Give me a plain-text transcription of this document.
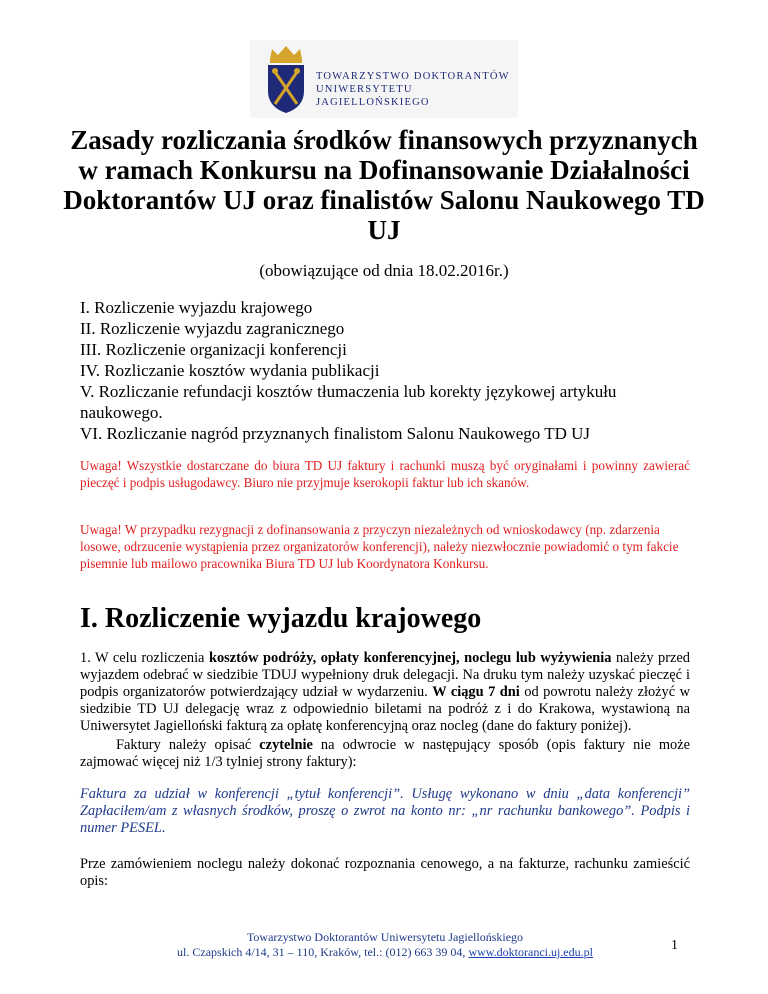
TOWARZYSTWO DOKTORANTÓW
UNIWERSYTETU JAGIELLOŃSKIEGO
Zasady rozliczania środków finansowych przyznanych w ramach Konkursu na Dofinansowanie Działalności Doktorantów UJ oraz finalistów Salonu Naukowego TD UJ

(obowiązujące od dnia 18.02.2016r.)

I. Rozliczenie wyjazdu krajowego
II. Rozliczenie wyjazdu zagranicznego
III. Rozliczenie organizacji konferencji
IV. Rozliczanie kosztów wydania publikacji
V. Rozliczanie refundacji kosztów tłumaczenia lub korekty językowej artykułu naukowego.
VI. Rozliczanie nagród przyznanych finalistom Salonu Naukowego TD UJ

Uwaga! Wszystkie dostarczane do biura TD UJ faktury i rachunki muszą być oryginałami i powinny zawierać pieczęć i podpis usługodawcy. Biuro nie przyjmuje kserokopii faktur lub ich skanów.

Uwaga! W przypadku rezygnacji z dofinansowania z przyczyn niezależnych od wnioskodawcy (np. zdarzenia losowe, odrzucenie wystąpienia przez organizatorów konferencji), należy niezwłocznie powiadomić o tym fakcie pisemnie lub mailowo pracownika Biura TD UJ lub Koordynatora Konkursu.

I. Rozliczenie wyjazdu krajowego

1. W celu rozliczenia kosztów podróży, opłaty konferencyjnej, noclegu lub wyżywienia należy przed wyjazdem odebrać w siedzibie TDUJ wypełniony druk delegacji. Na druku tym należy uzyskać pieczęć i podpis organizatorów potwierdzający udział w wydarzeniu. W ciągu 7 dni od powrotu należy złożyć w siedzibie TD UJ delegację wraz z odpowiednio biletami na podróż z i do Krakowa, wystawioną na Uniwersytet Jagielloński fakturą za opłatę konferencyjną oraz nocleg (dane do faktury poniżej).

Faktury należy opisać czytelnie na odwrocie w następujący sposób (opis faktury nie może zajmować więcej niż 1/3 tylniej strony faktury):

Faktura za udział w konferencji „tytuł konferencji”. Usługę wykonano w dniu „data konferencji” Zapłaciłem/am z własnych środków, proszę o zwrot na konto nr: „nr rachunku bankowego”. Podpis i numer PESEL.

Prze zamówieniem noclegu należy dokonać rozpoznania cenowego, a na fakturze, rachunku zamieścić opis:

Towarzystwo Doktorantów Uniwersytetu Jagiellońskiego
ul. Czapskich 4/14, 31 – 110, Kraków, tel.: (012) 663 39 04, www.doktoranci.uj.edu.pl	1
